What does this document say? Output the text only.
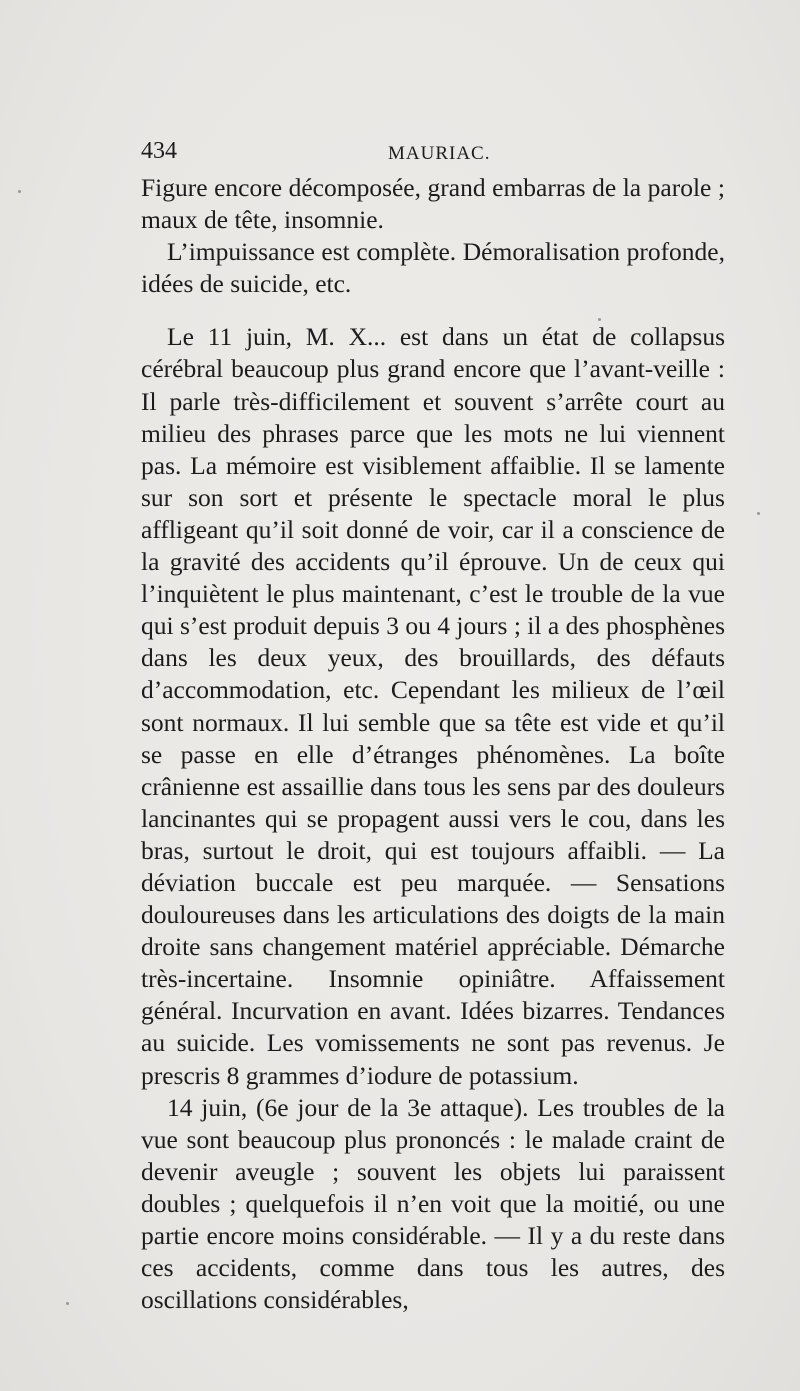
434	MAURIAC.

Figure encore décomposée, grand embarras de la parole ; maux de tête, insomnie.

L’impuissance est complète. Démoralisation profonde, idées de suicide, etc.

Le 11 juin, M. X... est dans un état de collapsus cérébral beaucoup plus grand encore que l’avant-veille : Il parle très-difficilement et souvent s’arrête court au milieu des phrases parce que les mots ne lui viennent pas. La mémoire est visiblement affaiblie. Il se lamente sur son sort et présente le spectacle moral le plus affligeant qu’il soit donné de voir, car il a conscience de la gravité des accidents qu’il éprouve. Un de ceux qui l’inquiètent le plus maintenant, c’est le trouble de la vue qui s’est produit depuis 3 ou 4 jours ; il a des phosphènes dans les deux yeux, des brouillards, des défauts d’accommodation, etc. Cependant les milieux de l’œil sont normaux. Il lui semble que sa tête est vide et qu’il se passe en elle d’étranges phénomènes. La boîte crânienne est assaillie dans tous les sens par des douleurs lancinantes qui se propagent aussi vers le cou, dans les bras, surtout le droit, qui est toujours affaibli. — La déviation buccale est peu marquée. — Sensations douloureuses dans les articulations des doigts de la main droite sans changement matériel appréciable. Démarche très-incertaine. Insomnie opiniâtre. Affaissement général. Incurvation en avant. Idées bizarres. Tendances au suicide. Les vomissements ne sont pas revenus. Je prescris 8 grammes d’iodure de potassium.

14 juin, (6e jour de la 3e attaque). Les troubles de la vue sont beaucoup plus prononcés : le malade craint de devenir aveugle ; souvent les objets lui paraissent doubles ; quelquefois il n’en voit que la moitié, ou une partie encore moins considérable. — Il y a du reste dans ces accidents, comme dans tous les autres, des oscillations considérables,
